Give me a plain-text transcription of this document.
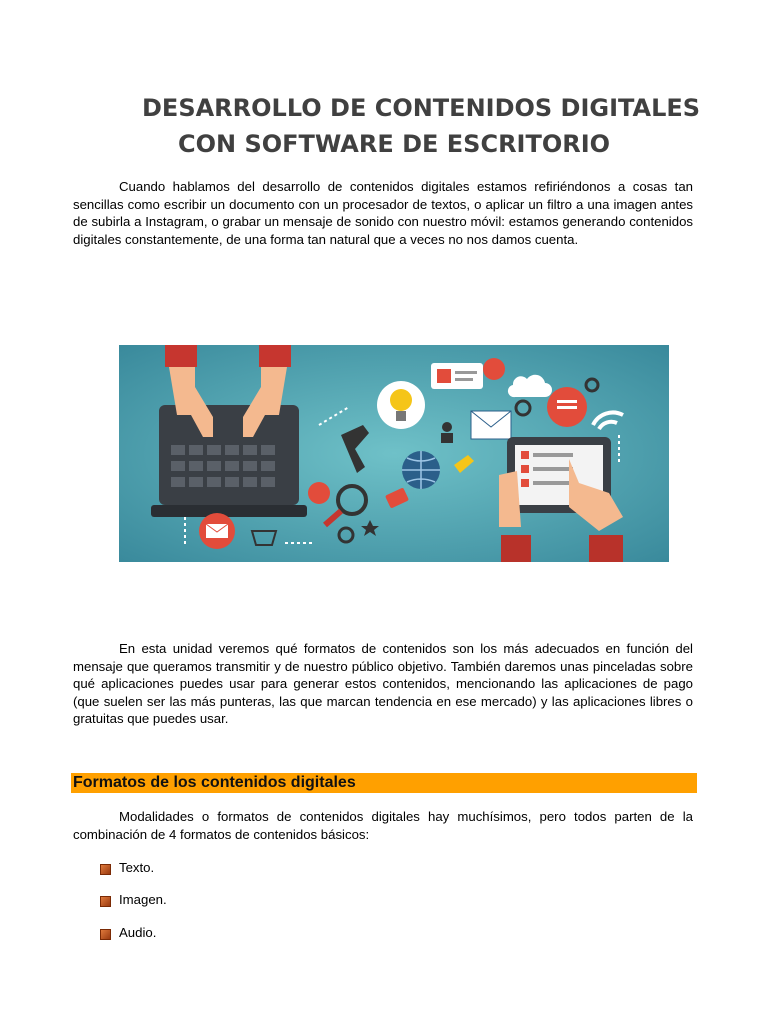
DESARROLLO DE CONTENIDOS DIGITALES
CON SOFTWARE DE ESCRITORIO
Cuando hablamos del desarrollo de contenidos digitales estamos refiriéndonos a cosas tan sencillas como escribir un documento con un procesador de textos, o aplicar un filtro a una imagen antes de subirla a Instagram, o grabar un mensaje de sonido con nuestro móvil: estamos generando contenidos digitales constantemente, de una forma tan natural que a veces no nos damos cuenta.
En esta unidad veremos qué formatos de contenidos son los más adecuados en función del mensaje que queramos transmitir y de nuestro público objetivo. También daremos unas pinceladas sobre qué aplicaciones puedes usar para generar estos contenidos, mencionando las aplicaciones de pago (que suelen ser las más punteras, las que marcan tendencia en ese mercado) y las aplicaciones libres o gratuitas que puedes usar.
Formatos de los contenidos digitales
Modalidades o formatos de contenidos digitales hay muchísimos, pero todos parten de la combinación de 4 formatos de contenidos básicos:
Texto.
Imagen.
Audio.
